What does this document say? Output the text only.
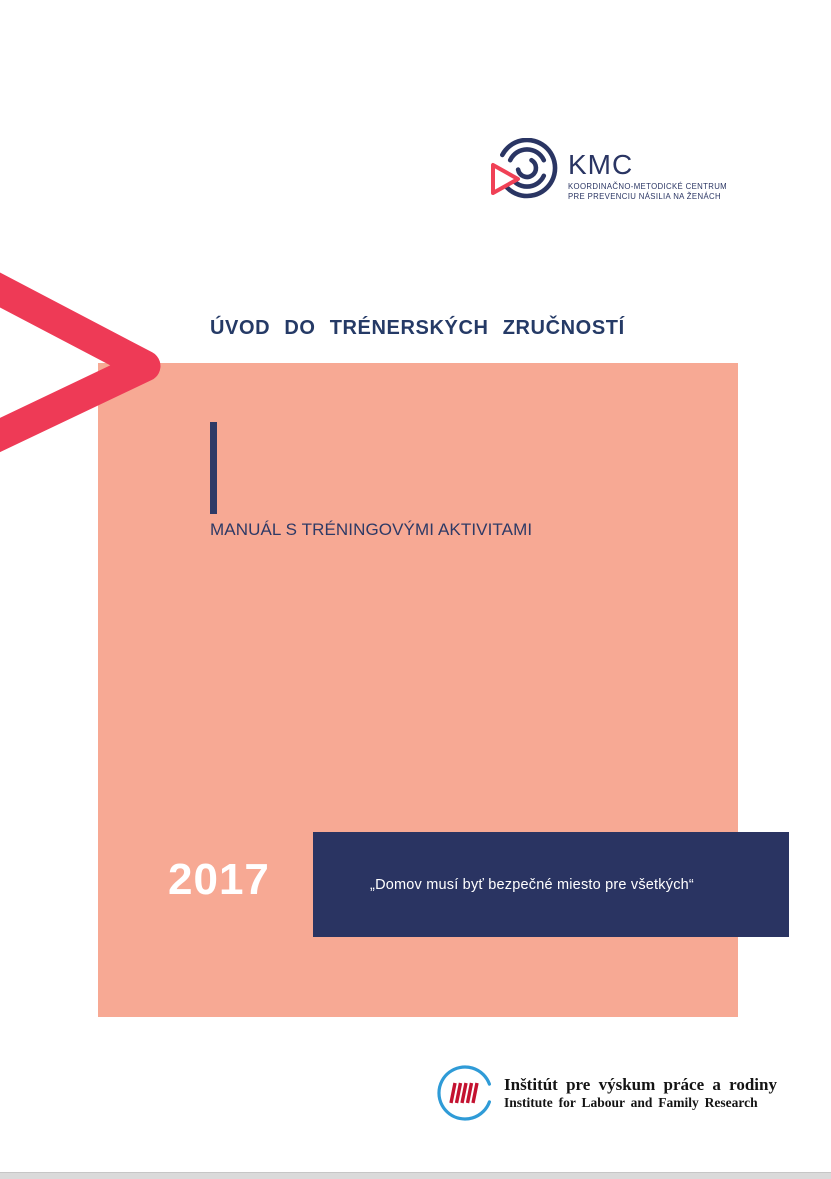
KMC
KOORDINAČNO-METODICKÉ CENTRUM
PRE PREVENCIU NÁSILIA NA ŽENÁCH
ÚVOD DO TRÉNERSKÝCH ZRUČNOSTÍ
MANUÁL S TRÉNINGOVÝMI AKTIVITAMI
2017	„Domov musí byť bezpečné miesto pre všetkých“
Inštitút pre výskum práce a rodiny
Institute for Labour and Family Research
